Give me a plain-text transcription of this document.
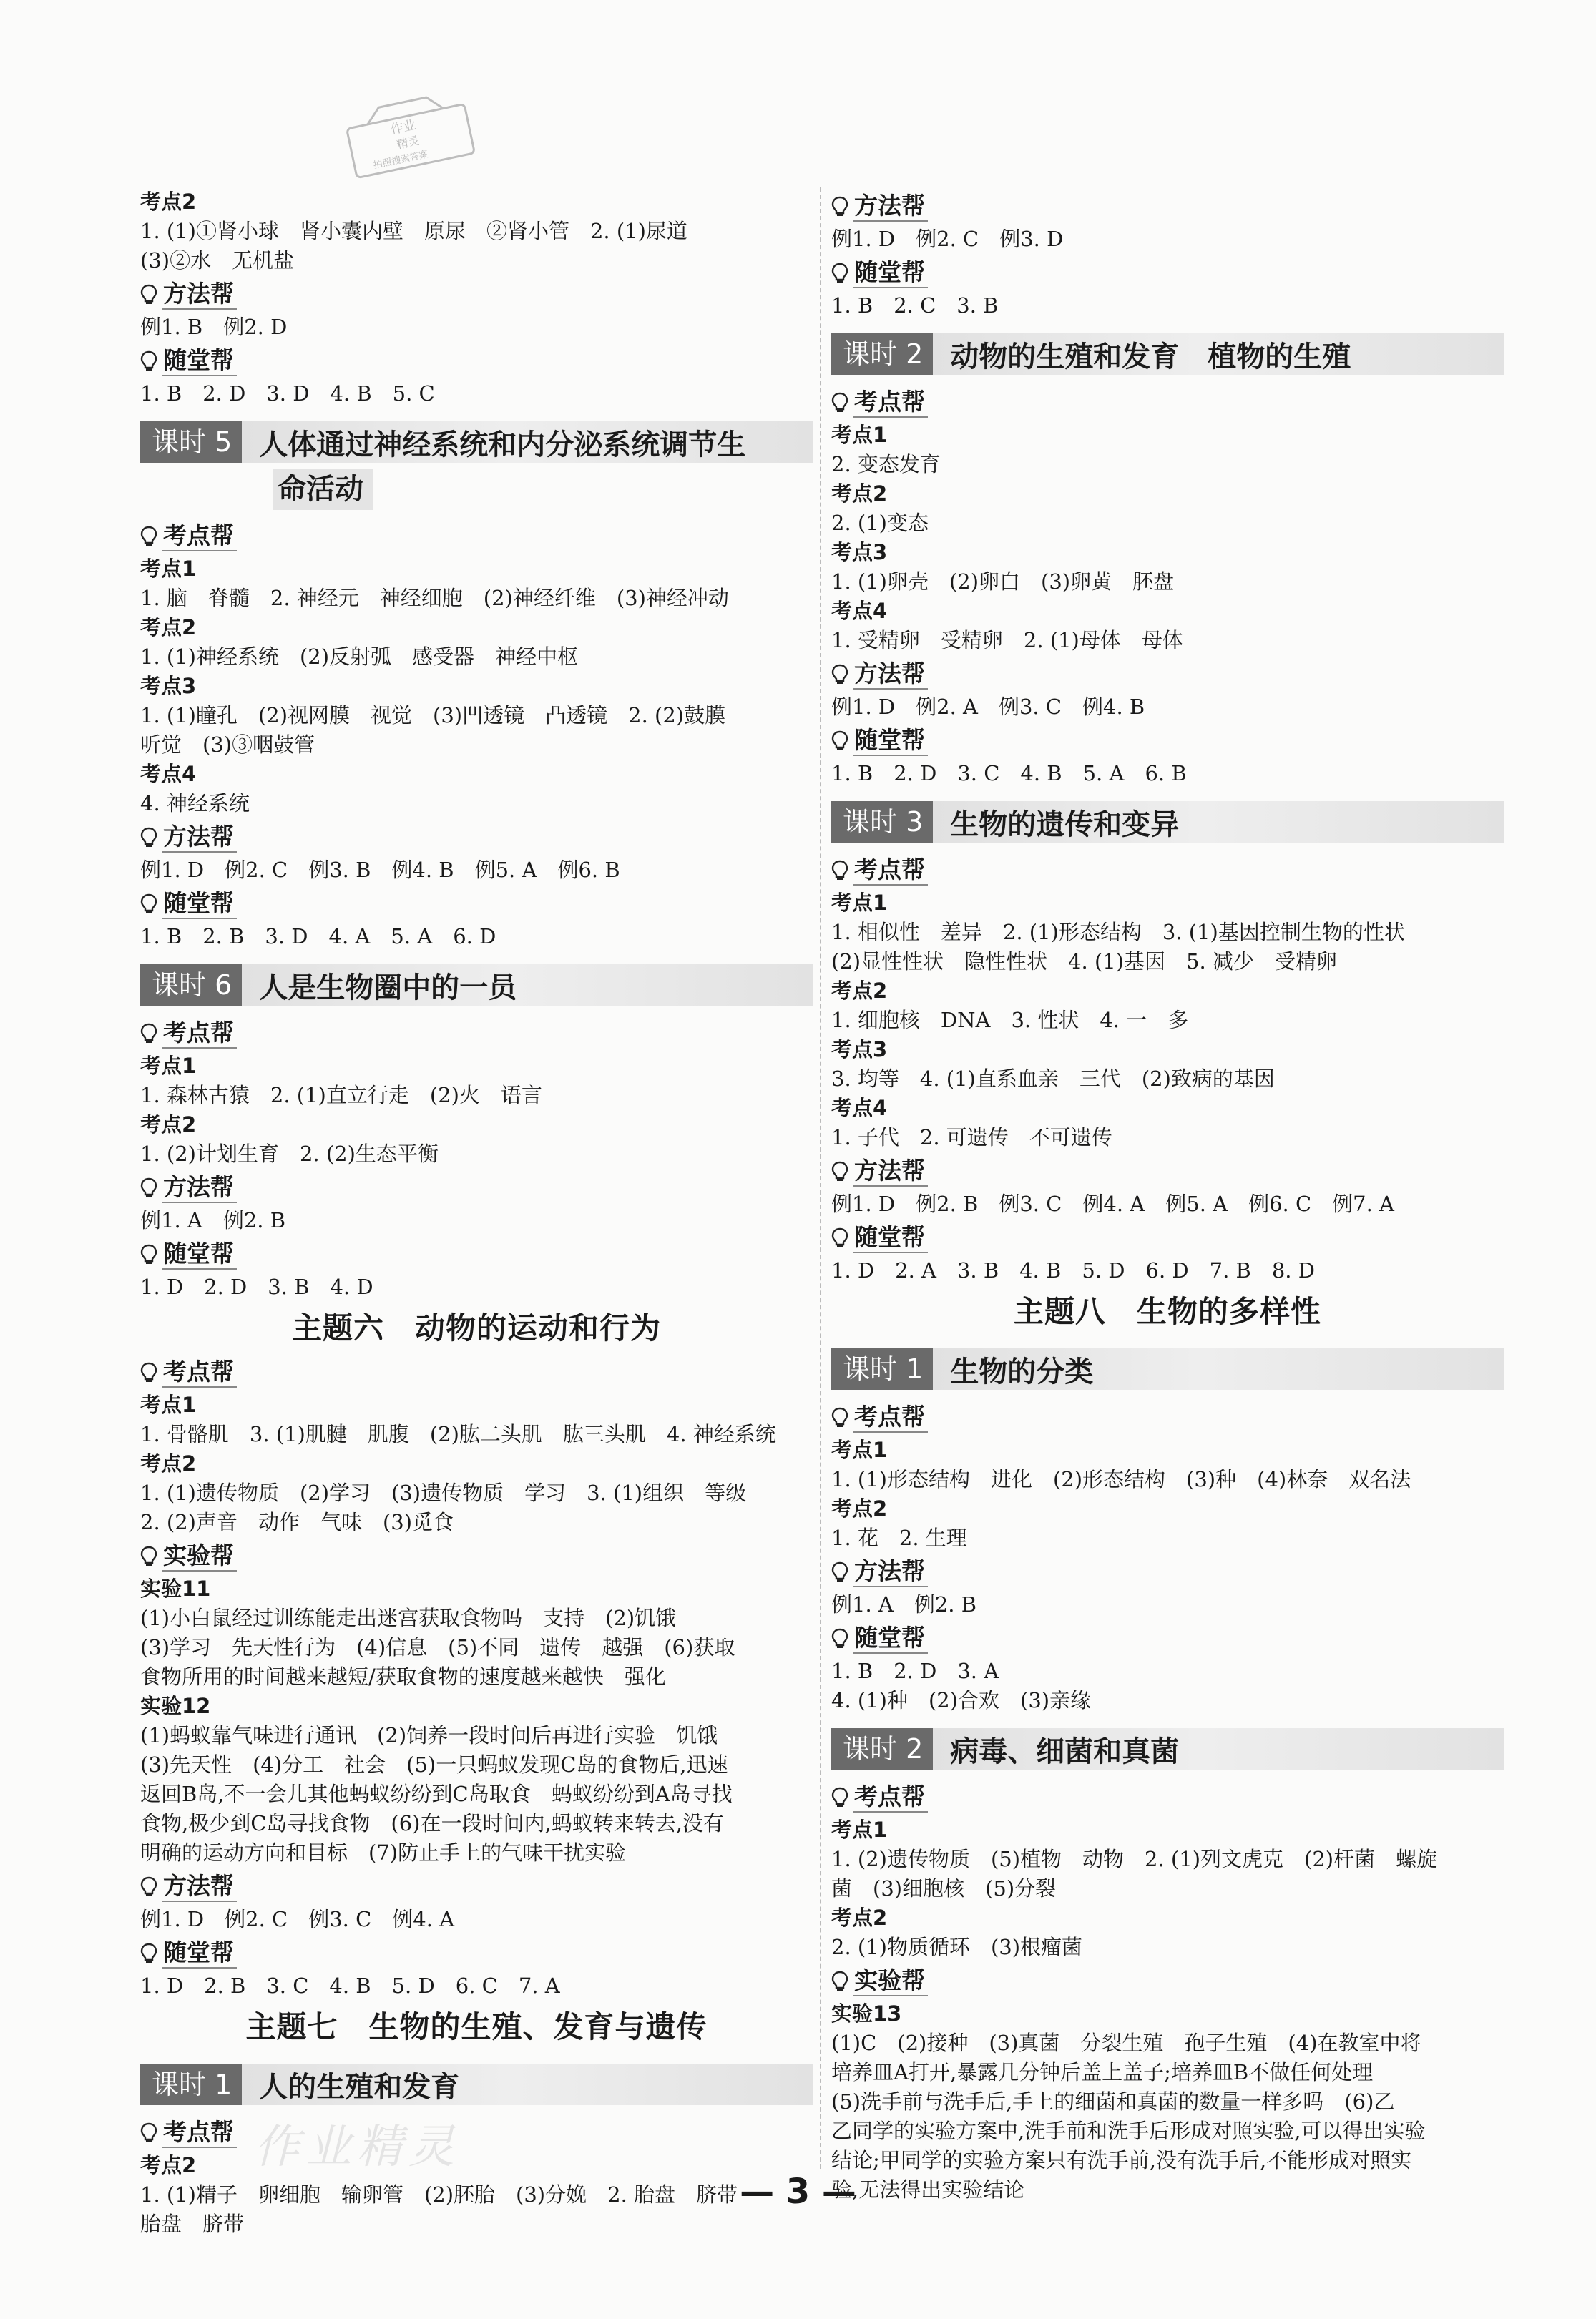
作业
精灵
拍照搜索答案
考点2
1. (1)①肾小球　肾小囊内壁　原尿　②肾小管　2. (1)尿道
(3)②水　无机盐
方法帮
例1. B　例2. D
随堂帮
1. B　2. D　3. D　4. B　5. C
课时 5 人体通过神经系统和内分泌系统调节生
命活动
考点帮
考点1
1. 脑　脊髓　2. 神经元　神经细胞　(2)神经纤维　(3)神经冲动
考点2
1. (1)神经系统　(2)反射弧　感受器　神经中枢
考点3
1. (1)瞳孔　(2)视网膜　视觉　(3)凹透镜　凸透镜　2. (2)鼓膜
听觉　(3)③咽鼓管
考点4
4. 神经系统
方法帮
例1. D　例2. C　例3. B　例4. B　例5. A　例6. B
随堂帮
1. B　2. B　3. D　4. A　5. A　6. D
课时 6 人是生物圈中的一员
考点帮
考点1
1. 森林古猿　2. (1)直立行走　(2)火　语言
考点2
1. (2)计划生育　2. (2)生态平衡
方法帮
例1. A　例2. B
随堂帮
1. D　2. D　3. B　4. D
主题六　动物的运动和行为
考点帮
考点1
1. 骨骼肌　3. (1)肌腱　肌腹　(2)肱二头肌　肱三头肌　4. 神经系统
考点2
1. (1)遗传物质　(2)学习　(3)遗传物质　学习　3. (1)组织　等级
2. (2)声音　动作　气味　(3)觅食
实验帮
实验11
(1)小白鼠经过训练能走出迷宫获取食物吗　支持　(2)饥饿
(3)学习　先天性行为　(4)信息　(5)不同　遗传　越强　(6)获取
食物所用的时间越来越短/获取食物的速度越来越快　强化
实验12
(1)蚂蚁靠气味进行通讯　(2)饲养一段时间后再进行实验　饥饿
(3)先天性　(4)分工　社会　(5)一只蚂蚁发现C岛的食物后,迅速
返回B岛,不一会儿其他蚂蚁纷纷到C岛取食　蚂蚁纷纷到A岛寻找
食物,极少到C岛寻找食物　(6)在一段时间内,蚂蚁转来转去,没有
明确的运动方向和目标　(7)防止手上的气味干扰实验
方法帮
例1. D　例2. C　例3. C　例4. A
随堂帮
1. D　2. B　3. C　4. B　5. D　6. C　7. A
主题七　生物的生殖、发育与遗传
课时 1 人的生殖和发育
考点帮
考点2
1. (1)精子　卵细胞　输卵管　(2)胚胎　(3)分娩　2. 胎盘　脐带
胎盘　脐带
方法帮
例1. D　例2. C　例3. D
随堂帮
1. B　2. C　3. B
课时 2 动物的生殖和发育　植物的生殖
考点帮
考点1
2. 变态发育
考点2
2. (1)变态
考点3
1. (1)卵壳　(2)卵白　(3)卵黄　胚盘
考点4
1. 受精卵　受精卵　2. (1)母体　母体
方法帮
例1. D　例2. A　例3. C　例4. B
随堂帮
1. B　2. D　3. C　4. B　5. A　6. B
课时 3 生物的遗传和变异
考点帮
考点1
1. 相似性　差异　2. (1)形态结构　3. (1)基因控制生物的性状
(2)显性性状　隐性性状　4. (1)基因　5. 减少　受精卵
考点2
1. 细胞核　DNA　3. 性状　4. 一　多
考点3
3. 均等　4. (1)直系血亲　三代　(2)致病的基因
考点4
1. 子代　2. 可遗传　不可遗传
方法帮
例1. D　例2. B　例3. C　例4. A　例5. A　例6. C　例7. A
随堂帮
1. D　2. A　3. B　4. B　5. D　6. D　7. B　8. D
主题八　生物的多样性
课时 1 生物的分类
考点帮
考点1
1. (1)形态结构　进化　(2)形态结构　(3)种　(4)林奈　双名法
考点2
1. 花　2. 生理
方法帮
例1. A　例2. B
随堂帮
1. B　2. D　3. A
4. (1)种　(2)合欢　(3)亲缘
课时 2 病毒、细菌和真菌
考点帮
考点1
1. (2)遗传物质　(5)植物　动物　2. (1)列文虎克　(2)杆菌　螺旋
菌　(3)细胞核　(5)分裂
考点2
2. (1)物质循环　(3)根瘤菌
实验帮
实验13
(1)C　(2)接种　(3)真菌　分裂生殖　孢子生殖　(4)在教室中将
培养皿A打开,暴露几分钟后盖上盖子;培养皿B不做任何处理
(5)洗手前与洗手后,手上的细菌和真菌的数量一样多吗　(6)乙
乙同学的实验方案中,洗手前和洗手后形成对照实验,可以得出实验
结论;甲同学的实验方案只有洗手前,没有洗手后,不能形成对照实
验,无法得出实验结论
作业精灵
— 3 —
